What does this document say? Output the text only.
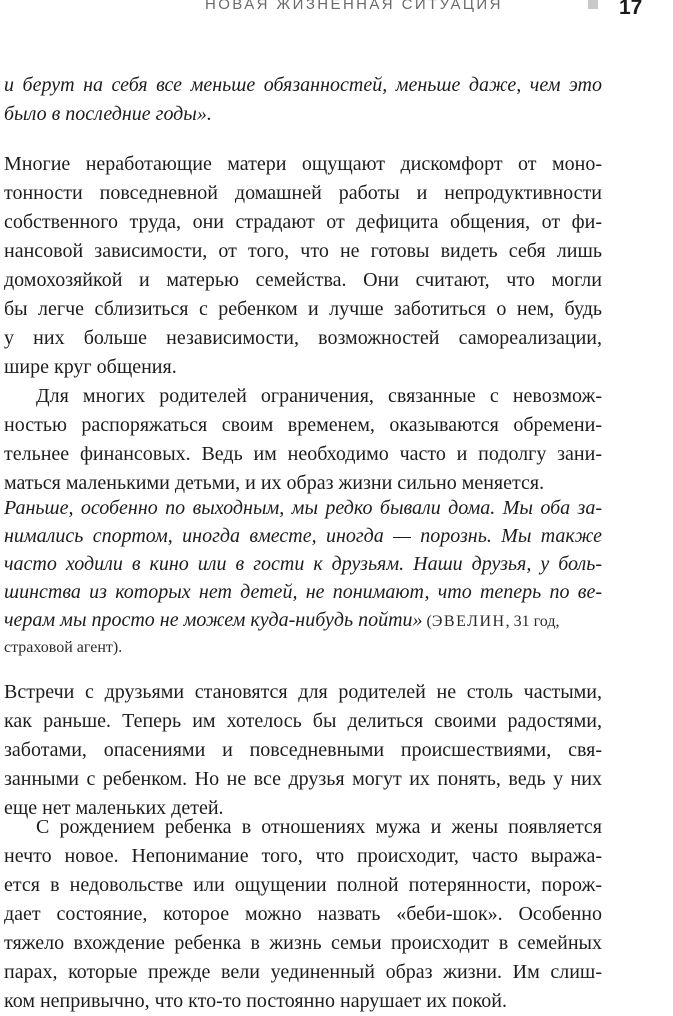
НОВАЯ ЖИЗНЕННАЯ СИТУАЦИЯ	17
и берут на себя все меньше обязанностей, меньше даже, чем это
было в последние годы».
Многие неработающие матери ощущают дискомфорт от моно-
тонности повседневной домашней работы и непродуктивности
собственного труда, они страдают от дефицита общения, от фи-
нансовой зависимости, от того, что не готовы видеть себя лишь
домохозяйкой и матерью семейства. Они считают, что могли
бы легче сблизиться с ребенком и лучше заботиться о нем, будь
у них больше независимости, возможностей самореализации,
шире круг общения.
Для многих родителей ограничения, связанные с невозмож-
ностью распоряжаться своим временем, оказываются обремени-
тельнее финансовых. Ведь им необходимо часто и подолгу зани-
маться маленькими детьми, и их образ жизни сильно меняется.
Раньше, особенно по выходным, мы редко бывали дома. Мы оба за-
нимались спортом, иногда вместе, иногда — порознь. Мы также
часто ходили в кино или в гости к друзьям. Наши друзья, у боль-
шинства из которых нет детей, не понимают, что теперь по ве-
черам мы просто не можем куда-нибудь пойти» (ЭВЕЛИН, 31 год,
страховой агент).
Встречи с друзьями становятся для родителей не столь частыми,
как раньше. Теперь им хотелось бы делиться своими радостями,
заботами, опасениями и повседневными происшествиями, свя-
занными с ребенком. Но не все друзья могут их понять, ведь у них
еще нет маленьких детей.
С рождением ребенка в отношениях мужа и жены появляется
нечто новое. Непонимание того, что происходит, часто выража-
ется в недовольстве или ощущении полной потерянности, порож-
дает состояние, которое можно назвать «беби-шок». Особенно
тяжело вхождение ребенка в жизнь семьи происходит в семейных
парах, которые прежде вели уединенный образ жизни. Им слиш-
ком непривычно, что кто-то постоянно нарушает их покой.
